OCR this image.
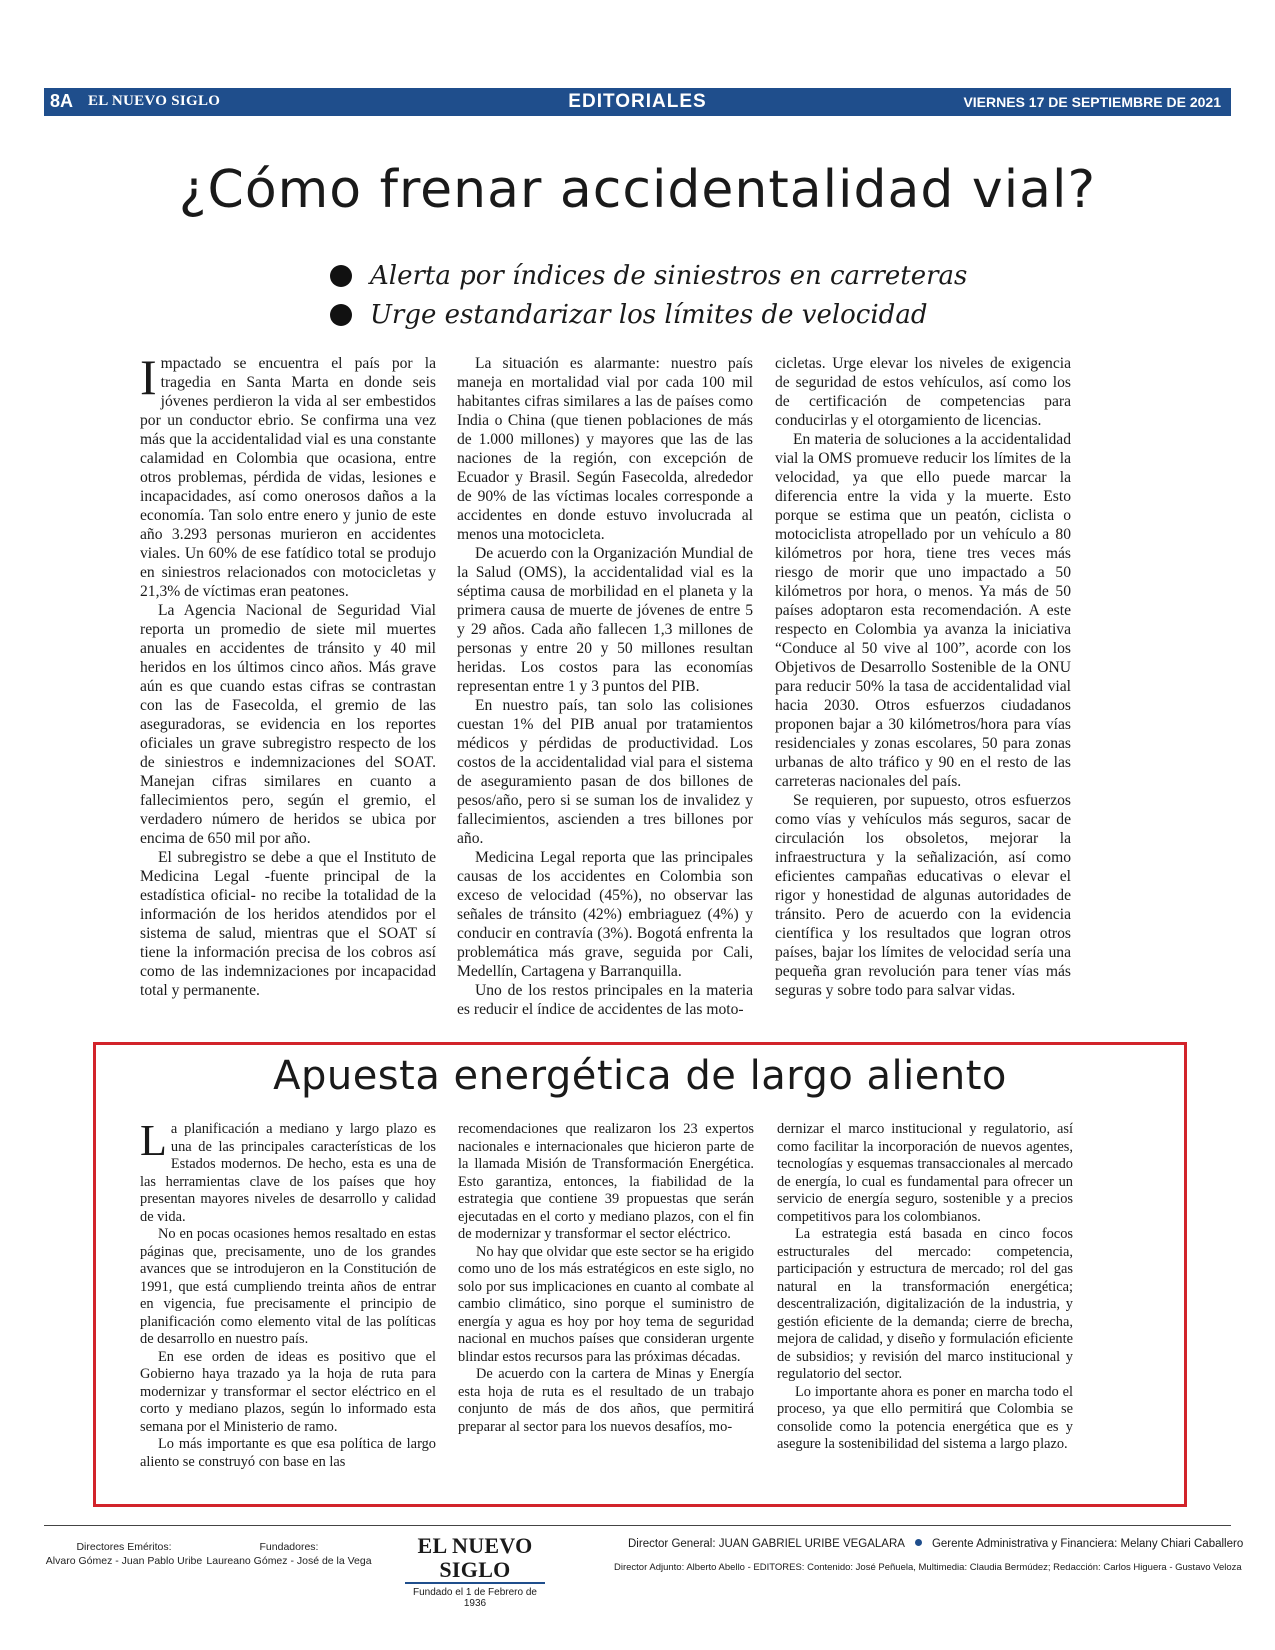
8A EL NUEVO SIGLO	EDITORIALES	VIERNES 17 DE SEPTIEMBRE DE 2021
¿Cómo frenar accidentalidad vial?
Alerta por índices de siniestros en carreteras
Urge estandarizar los límites de velocidad
I mpactado se encuentra el país por la tragedia en Santa Marta en donde seis jóvenes perdieron la vida al ser embestidos por un conductor ebrio. Se confirma una vez más que la accidentalidad vial es una constante calamidad en Colombia que ocasiona, entre otros problemas, pérdida de vidas, lesiones e incapacidades, así como onerosos daños a la economía. Tan solo entre enero y junio de este año 3.293 personas murieron en accidentes viales. Un 60% de ese fatídico total se produjo en siniestros relacionados con motocicletas y 21,3% de víctimas eran peatones.

La Agencia Nacional de Seguridad Vial reporta un promedio de siete mil muertes anuales en accidentes de tránsito y 40 mil heridos en los últimos cinco años. Más grave aún es que cuando estas cifras se contrastan con las de Fasecolda, el gremio de las aseguradoras, se evidencia en los reportes oficiales un grave subregistro respecto de los de siniestros e indemnizaciones del SOAT. Manejan cifras similares en cuanto a fallecimientos pero, según el gremio, el verdadero número de heridos se ubica por encima de 650 mil por año.

El subregistro se debe a que el Instituto de Medicina Legal -fuente principal de la estadística oficial- no recibe la totalidad de la información de los heridos atendidos por el sistema de salud, mientras que el SOAT sí tiene la información precisa de los cobros así como de las indemnizaciones por incapacidad total y permanente.

La situación es alarmante: nuestro país maneja en mortalidad vial por cada 100 mil habitantes cifras similares a las de países como India o China (que tienen poblaciones de más de 1.000 millones) y mayores que las de las naciones de la región, con excepción de Ecuador y Brasil. Según Fasecolda, alrededor de 90% de las víctimas locales corresponde a accidentes en donde estuvo involucrada al menos una motocicleta.

De acuerdo con la Organización Mundial de la Salud (OMS), la accidentalidad vial es la séptima causa de morbilidad en el planeta y la primera causa de muerte de jóvenes de entre 5 y 29 años. Cada año fallecen 1,3 millones de personas y entre 20 y 50 millones resultan heridas. Los costos para las economías representan entre 1 y 3 puntos del PIB.

En nuestro país, tan solo las colisiones cuestan 1% del PIB anual por tratamientos médicos y pérdidas de productividad. Los costos de la accidentalidad vial para el sistema de aseguramiento pasan de dos billones de pesos/año, pero si se suman los de invalidez y fallecimientos, ascienden a tres billones por año.

Medicina Legal reporta que las principales causas de los accidentes en Colombia son exceso de velocidad (45%), no observar las señales de tránsito (42%) embriaguez (4%) y conducir en contravía (3%). Bogotá enfrenta la problemática más grave, seguida por Cali, Medellín, Cartagena y Barranquilla.

Uno de los restos principales en la materia es reducir el índice de accidentes de las moto-

cicletas. Urge elevar los niveles de exigencia de seguridad de estos vehículos, así como los de certificación de competencias para conducirlas y el otorgamiento de licencias.

En materia de soluciones a la accidentalidad vial la OMS promueve reducir los límites de la velocidad, ya que ello puede marcar la diferencia entre la vida y la muerte. Esto porque se estima que un peatón, ciclista o motociclista atropellado por un vehículo a 80 kilómetros por hora, tiene tres veces más riesgo de morir que uno impactado a 50 kilómetros por hora, o menos. Ya más de 50 países adoptaron esta recomendación. A este respecto en Colombia ya avanza la iniciativa “Conduce al 50 vive al 100”, acorde con los Objetivos de Desarrollo Sostenible de la ONU para reducir 50% la tasa de accidentalidad vial hacia 2030. Otros esfuerzos ciudadanos proponen bajar a 30 kilómetros/hora para vías residenciales y zonas escolares, 50 para zonas urbanas de alto tráfico y 90 en el resto de las carreteras nacionales del país.

Se requieren, por supuesto, otros esfuerzos como vías y vehículos más seguros, sacar de circulación los obsoletos, mejorar la infraestructura y la señalización, así como eficientes campañas educativas o elevar el rigor y honestidad de algunas autoridades de tránsito. Pero de acuerdo con la evidencia científica y los resultados que logran otros países, bajar los límites de velocidad sería una pequeña gran revolución para tener vías más seguras y sobre todo para salvar vidas.

Apuesta energética de largo aliento
L a planificación a mediano y largo plazo es una de las principales características de los Estados modernos. De hecho, esta es una de las herramientas clave de los países que hoy presentan mayores niveles de desarrollo y calidad de vida.

No en pocas ocasiones hemos resaltado en estas páginas que, precisamente, uno de los grandes avances que se introdujeron en la Constitución de 1991, que está cumpliendo treinta años de entrar en vigencia, fue precisamente el principio de planificación como elemento vital de las políticas de desarrollo en nuestro país.

En ese orden de ideas es positivo que el Gobierno haya trazado ya la hoja de ruta para modernizar y transformar el sector eléctrico en el corto y mediano plazos, según lo informado esta semana por el Ministerio de ramo.

Lo más importante es que esa política de largo aliento se construyó con base en las

recomendaciones que realizaron los 23 expertos nacionales e internacionales que hicieron parte de la llamada Misión de Transformación Energética. Esto garantiza, entonces, la fiabilidad de la estrategia que contiene 39 propuestas que serán ejecutadas en el corto y mediano plazos, con el fin de modernizar y transformar el sector eléctrico.

No hay que olvidar que este sector se ha erigido como uno de los más estratégicos en este siglo, no solo por sus implicaciones en cuanto al combate al cambio climático, sino porque el suministro de energía y agua es hoy por hoy tema de seguridad nacional en muchos países que consideran urgente blindar estos recursos para las próximas décadas.

De acuerdo con la cartera de Minas y Energía esta hoja de ruta es el resultado de un trabajo conjunto de más de dos años, que permitirá preparar al sector para los nuevos desafíos, mo-

dernizar el marco institucional y regulatorio, así como facilitar la incorporación de nuevos agentes, tecnologías y esquemas transaccionales al mercado de energía, lo cual es fundamental para ofrecer un servicio de energía seguro, sostenible y a precios competitivos para los colombianos.

La estrategia está basada en cinco focos estructurales del mercado: competencia, participación y estructura de mercado; rol del gas natural en la transformación energética; descentralización, digitalización de la industria, y gestión eficiente de la demanda; cierre de brecha, mejora de calidad, y diseño y formulación eficiente de subsidios; y revisión del marco institucional y regulatorio del sector.

Lo importante ahora es poner en marcha todo el proceso, ya que ello permitirá que Colombia se consolide como la potencia energética que es y asegure la sostenibilidad del sistema a largo plazo.

Directores Eméritos:
Alvaro Gómez - Juan Pablo Uribe
Fundadores:
Laureano Gómez - José de la Vega
EL NUEVO SIGLO
Fundado el 1 de Febrero de 1936
Director General: JUAN GABRIEL URIBE VEGALARA Gerente Administrativa y Financiera: Melany Chiari Caballero
Director Adjunto: Alberto Abello - EDITORES: Contenido: José Peñuela, Multimedia: Claudia Bermúdez; Redacción: Carlos Higuera - Gustavo Veloza
